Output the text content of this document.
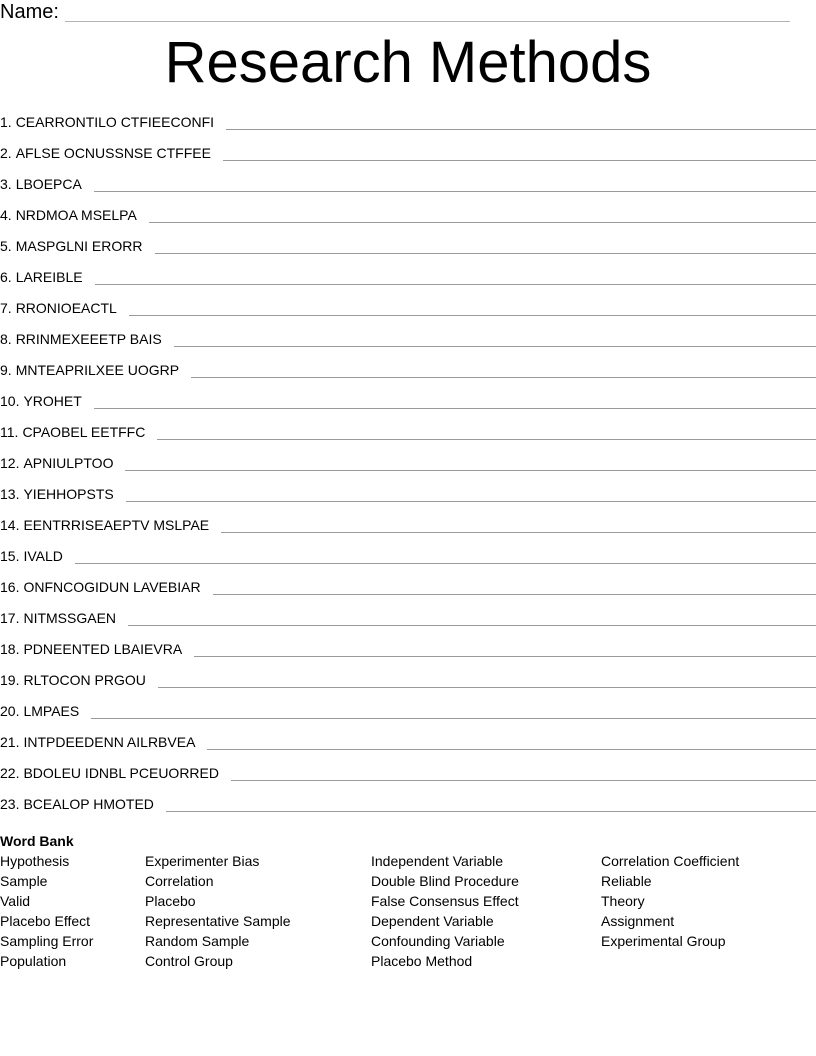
Name:
Research Methods
1. CEARRONTILO CTFIEECONFI
2. AFLSE OCNUSSNSE CTFFEE
3. LBOEPCA
4. NRDMOA MSELPA
5. MASPGLNI ERORR
6. LAREIBLE
7. RRONIOEACTL
8. RRINMEXEEETP BAIS
9. MNTEAPRILXEE UOGRP
10. YROHET
11. CPAOBEL EETFFC
12. APNIULPTOO
13. YIEHHOPSTS
14. EENTRRISEAEPTV MSLPAE
15. IVALD
16. ONFNCOGIDUN LAVEBIAR
17. NITMSSGAEN
18. PDNEENTED LBAIEVRA
19. RLTOCON PRGOU
20. LMPAES
21. INTPDEEDENN AILRBVEA
22. BDOLEU IDNBL PCEUORRED
23. BCEALOP HMOTED
Word Bank
Hypothesis
Sample
Valid
Placebo Effect
Sampling Error
Population
Experimenter Bias
Correlation
Placebo
Representative Sample
Random Sample
Control Group
Independent Variable
Double Blind Procedure
False Consensus Effect
Dependent Variable
Confounding Variable
Placebo Method
Correlation Coefficient
Reliable
Theory
Assignment
Experimental Group
